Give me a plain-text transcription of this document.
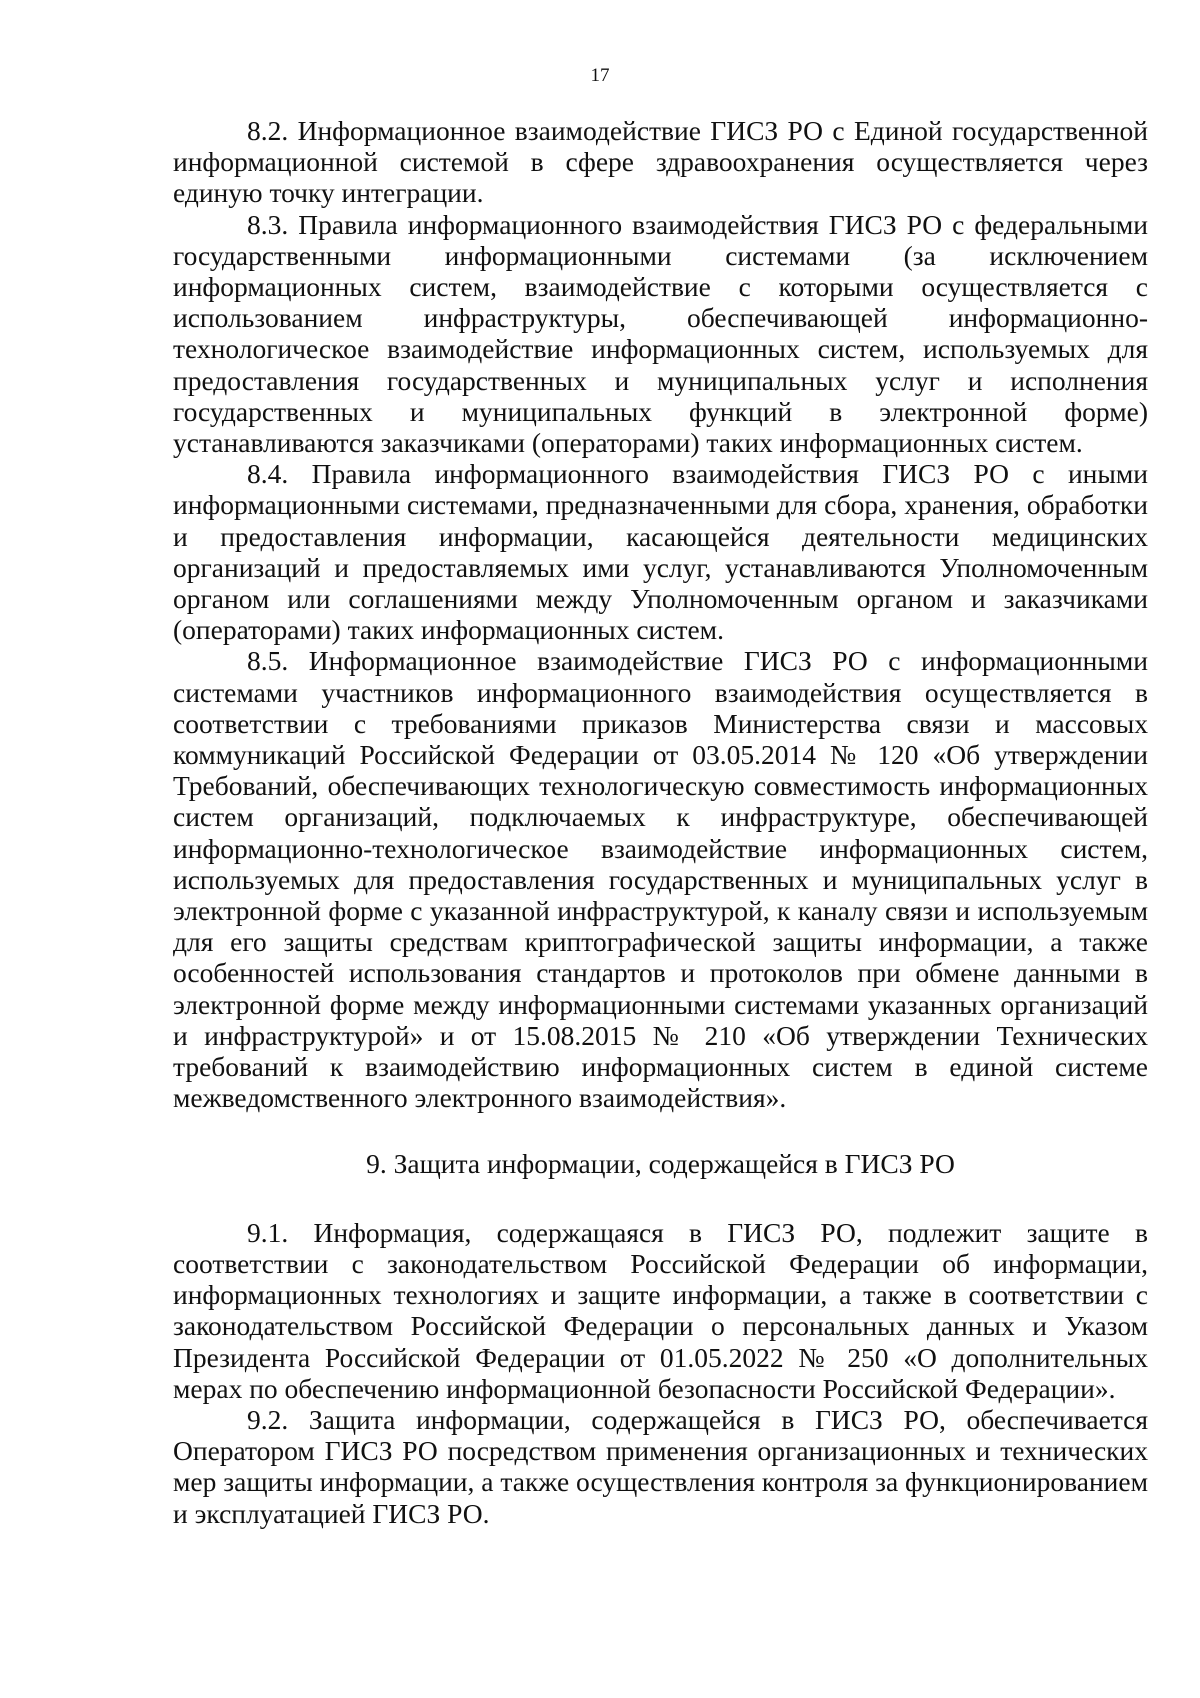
17

8.2. Информационное взаимодействие ГИСЗ РО с Единой государственной информационной системой в сфере здравоохранения осуществляется через единую точку интеграции.

8.3. Правила информационного взаимодействия ГИСЗ РО с федеральными государственными информационными системами (за исключением информационных систем, взаимодействие с которыми осуществляется с использованием инфраструктуры, обеспечивающей информационно-технологическое взаимодействие информационных систем, используемых для предоставления государственных и муниципальных услуг и исполнения государственных и муниципальных функций в электронной форме) устанавливаются заказчиками (операторами) таких информационных систем.

8.4. Правила информационного взаимодействия ГИСЗ РО с иными информационными системами, предназначенными для сбора, хранения, обработки и предоставления информации, касающейся деятельности медицинских организаций и предоставляемых ими услуг, устанавливаются Уполномоченным органом или соглашениями между Уполномоченным органом и заказчиками (операторами) таких информационных систем.

8.5. Информационное взаимодействие ГИСЗ РО с информационными системами участников информационного взаимодействия осуществляется в соответствии с требованиями приказов Министерства связи и массовых коммуникаций Российской Федерации от 03.05.2014 № 120 «Об утверждении Требований, обеспечивающих технологическую совместимость информационных систем организаций, подключаемых к инфраструктуре, обеспечивающей информационно-технологическое взаимодействие информационных систем, используемых для предоставления государственных и муниципальных услуг в электронной форме с указанной инфраструктурой, к каналу связи и используемым для его защиты средствам криптографической защиты информации, а также особенностей использования стандартов и протоколов при обмене данными в электронной форме между информационными системами указанных организаций и инфраструктурой» и от 15.08.2015 № 210 «Об утверждении Технических требований к взаимодействию информационных систем в единой системе межведомственного электронного взаимодействия».

9. Защита информации, содержащейся в ГИСЗ РО

9.1. Информация, содержащаяся в ГИСЗ РО, подлежит защите в соответствии с законодательством Российской Федерации об информации, информационных технологиях и защите информации, а также в соответствии с законодательством Российской Федерации о персональных данных и Указом Президента Российской Федерации от 01.05.2022 № 250 «О дополнительных мерах по обеспечению информационной безопасности Российской Федерации».

9.2. Защита информации, содержащейся в ГИСЗ РО, обеспечивается Оператором ГИСЗ РО посредством применения организационных и технических мер защиты информации, а также осуществления контроля за функционированием и эксплуатацией ГИСЗ РО.
